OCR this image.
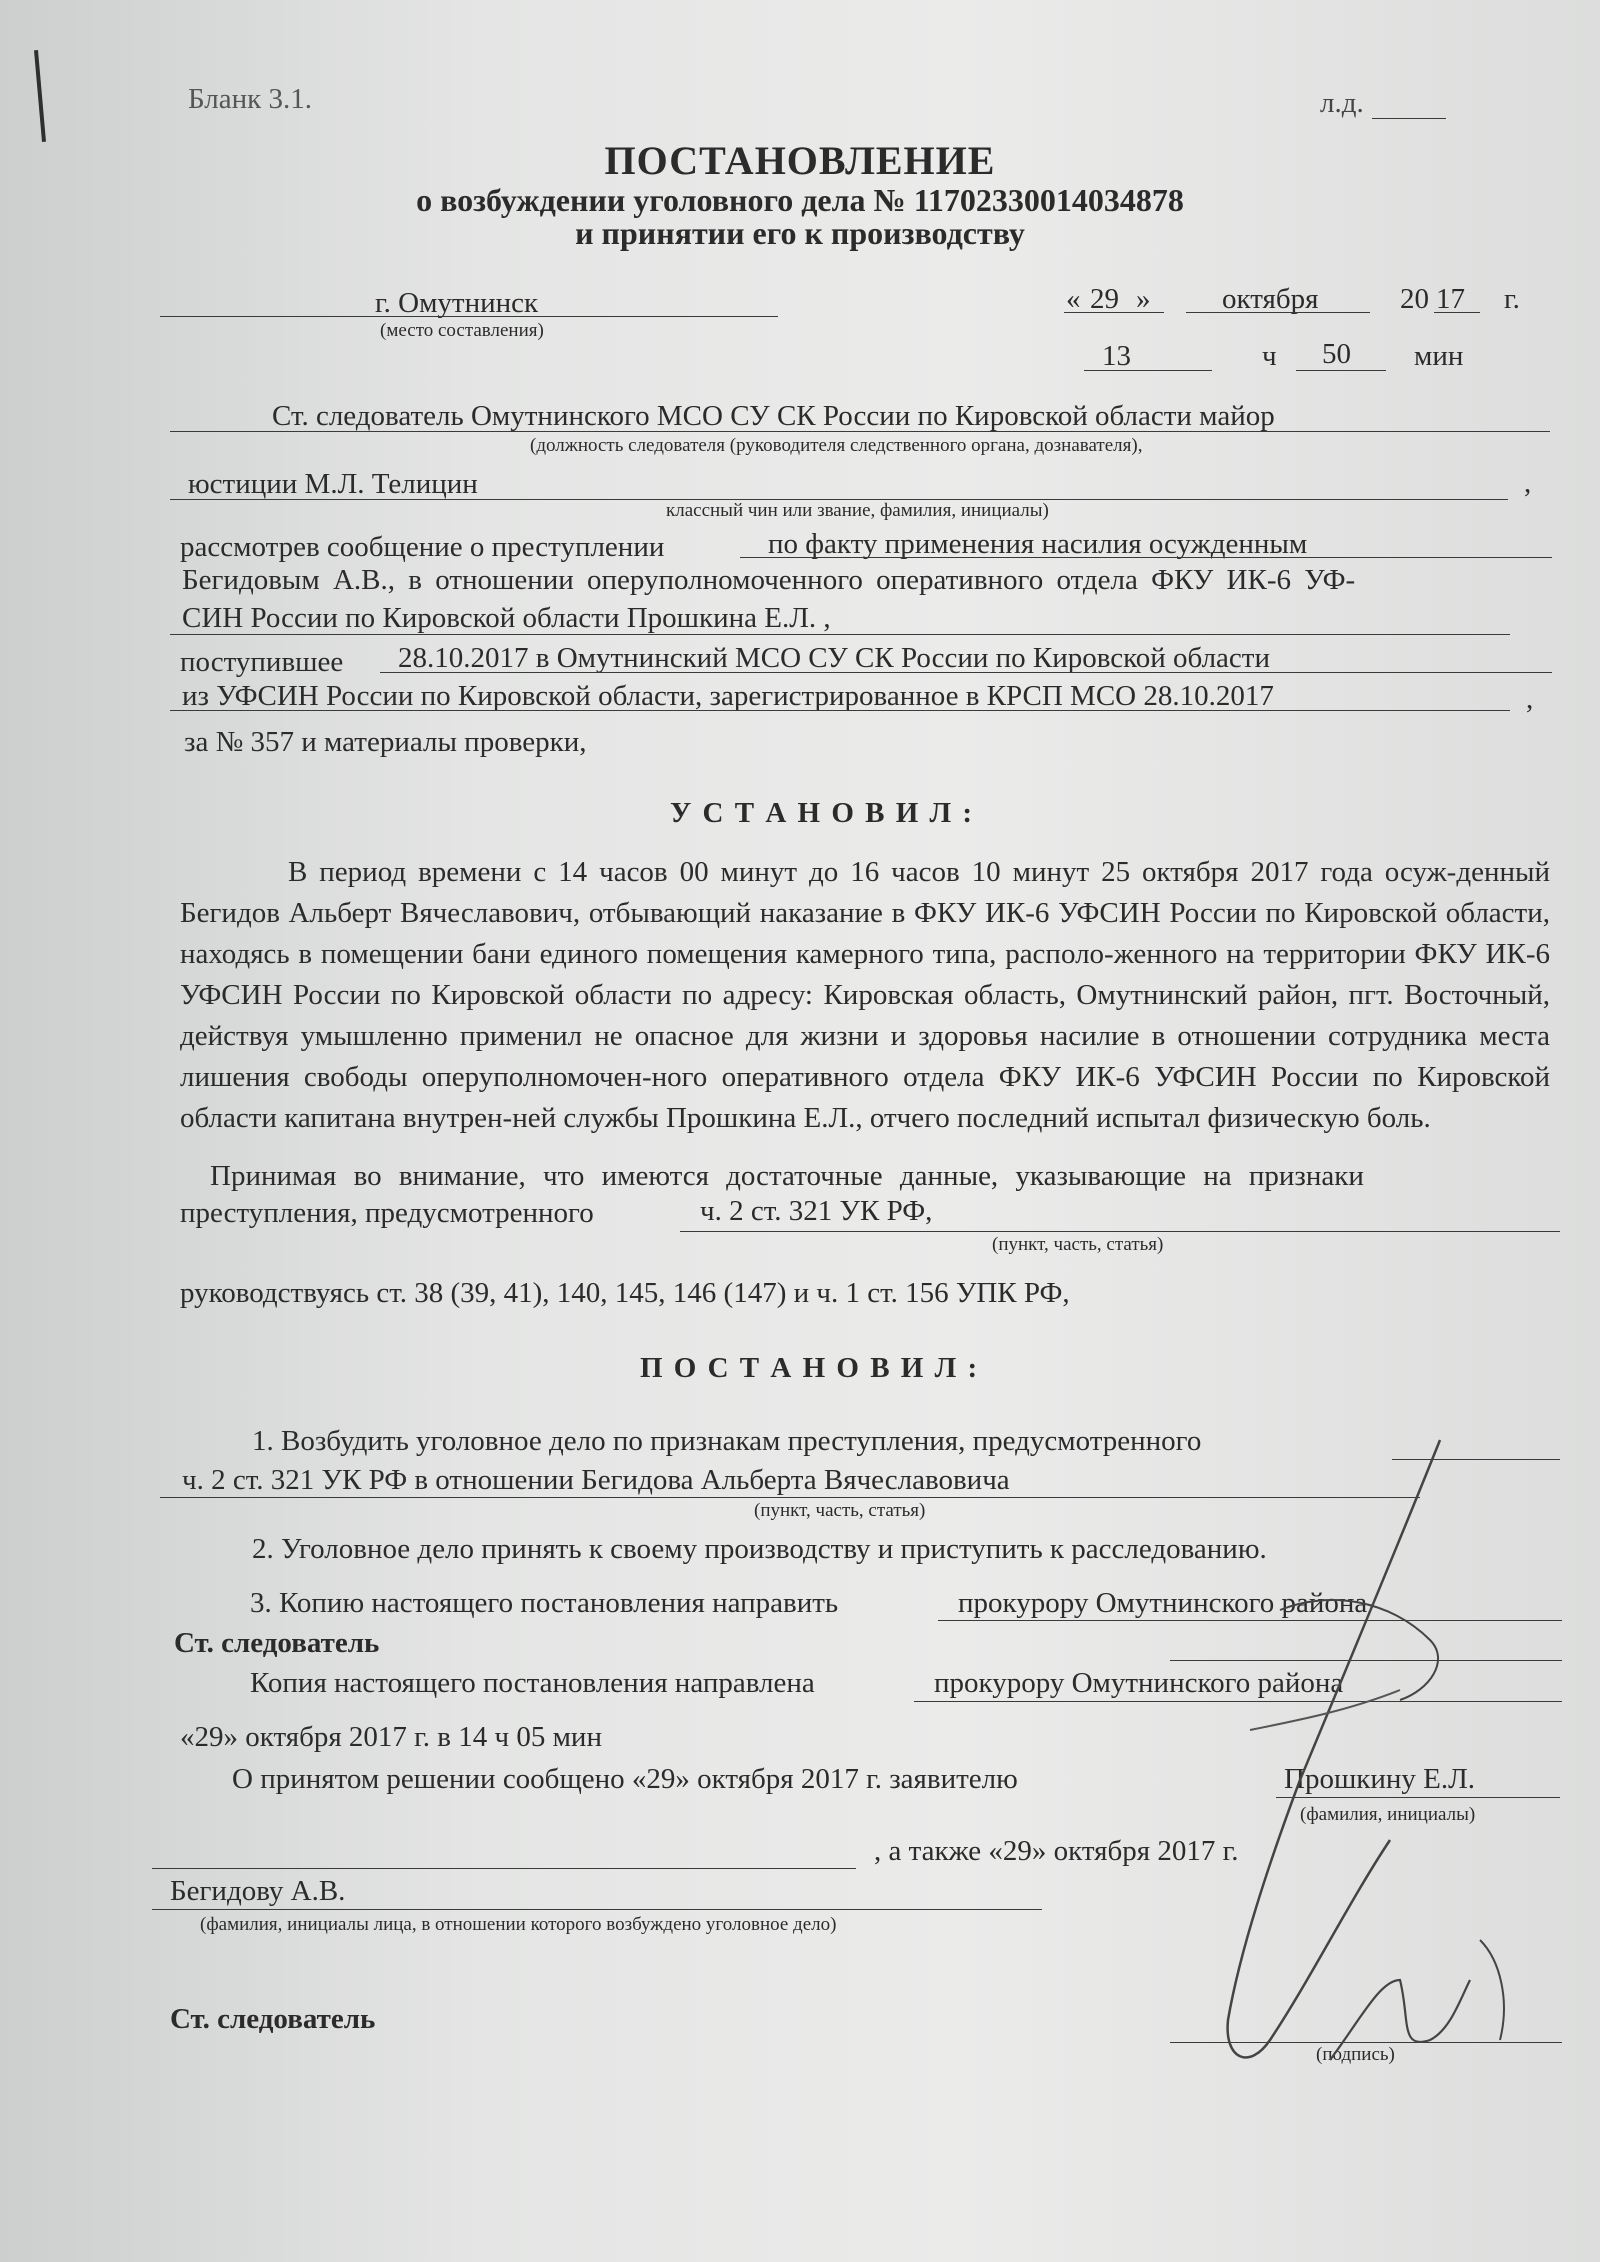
Бланк 3.1.	л.д.
ПОСТАНОВЛЕНИЕ
о возбуждении уголовного дела № 11702330014034878
и принятии его к производству
г. Омутнинск
(место составления)
« 29 » октября	20 17 г.
13	ч 50 мин
Ст. следователь Омутнинского МСО СУ СК России по Кировской области майор
(должность следователя (руководителя следственного органа, дознавателя),
юстиции М.Л. Телицин	,
классный чин или звание, фамилия, инициалы)
рассмотрев сообщение о преступлении	по факту применения насилия осужденным
Бегидовым А.В., в отношении оперуполномоченного оперативного отдела ФКУ ИК-6 УФ-
СИН России по Кировской области Прошкина Е.Л. ,
поступившее 28.10.2017 в Омутнинский МСО СУ СК России по Кировской области
из УФСИН России по Кировской области, зарегистрированное в КРСП МСО 28.10.2017	,
за № 357 и материалы проверки,
У С Т А Н О В И Л :
В период времени с 14 часов 00 минут до 16 часов 10 минут 25 октября 2017 года осуж-денный Бегидов Альберт Вячеславович, отбывающий наказание в ФКУ ИК-6 УФСИН России по Кировской области, находясь в помещении бани единого помещения камерного типа, располо-женного на территории ФКУ ИК-6 УФСИН России по Кировской области по адресу: Кировская область, Омутнинский район, пгт. Восточный, действуя умышленно применил не опасное для жизни и здоровья насилие в отношении сотрудника места лишения свободы оперуполномочен-ного оперативного отдела ФКУ ИК-6 УФСИН России по Кировской области капитана внутрен-ней службы Прошкина Е.Л., отчего последний испытал физическую боль.
Принимая во внимание, что имеются достаточные данные, указывающие на признаки
преступления, предусмотренного	ч. 2 ст. 321 УК РФ,
(пункт, часть, статья)
руководствуясь ст. 38 (39, 41), 140, 145, 146 (147) и ч. 1 ст. 156 УПК РФ,
П О С Т А Н О В И Л :
1. Возбудить уголовное дело по признакам преступления, предусмотренного
ч. 2 ст. 321 УК РФ в отношении Бегидова Альберта Вячеславовича
(пункт, часть, статья)
2. Уголовное дело принять к своему производству и приступить к расследованию.
3. Копию настоящего постановления направить	прокурору Омутнинского района
Ст. следователь
Копия настоящего постановления направлена	прокурору Омутнинского района
«29» октября 2017 г. в 14 ч 05 мин
О принятом решении сообщено «29» октября 2017 г. заявителю	Прошкину Е.Л.
(фамилия, инициалы)
, а также «29» октября 2017 г.
Бегидову А.В.
(фамилия, инициалы лица, в отношении которого возбуждено уголовное дело)
Ст. следователь
(подпись)
